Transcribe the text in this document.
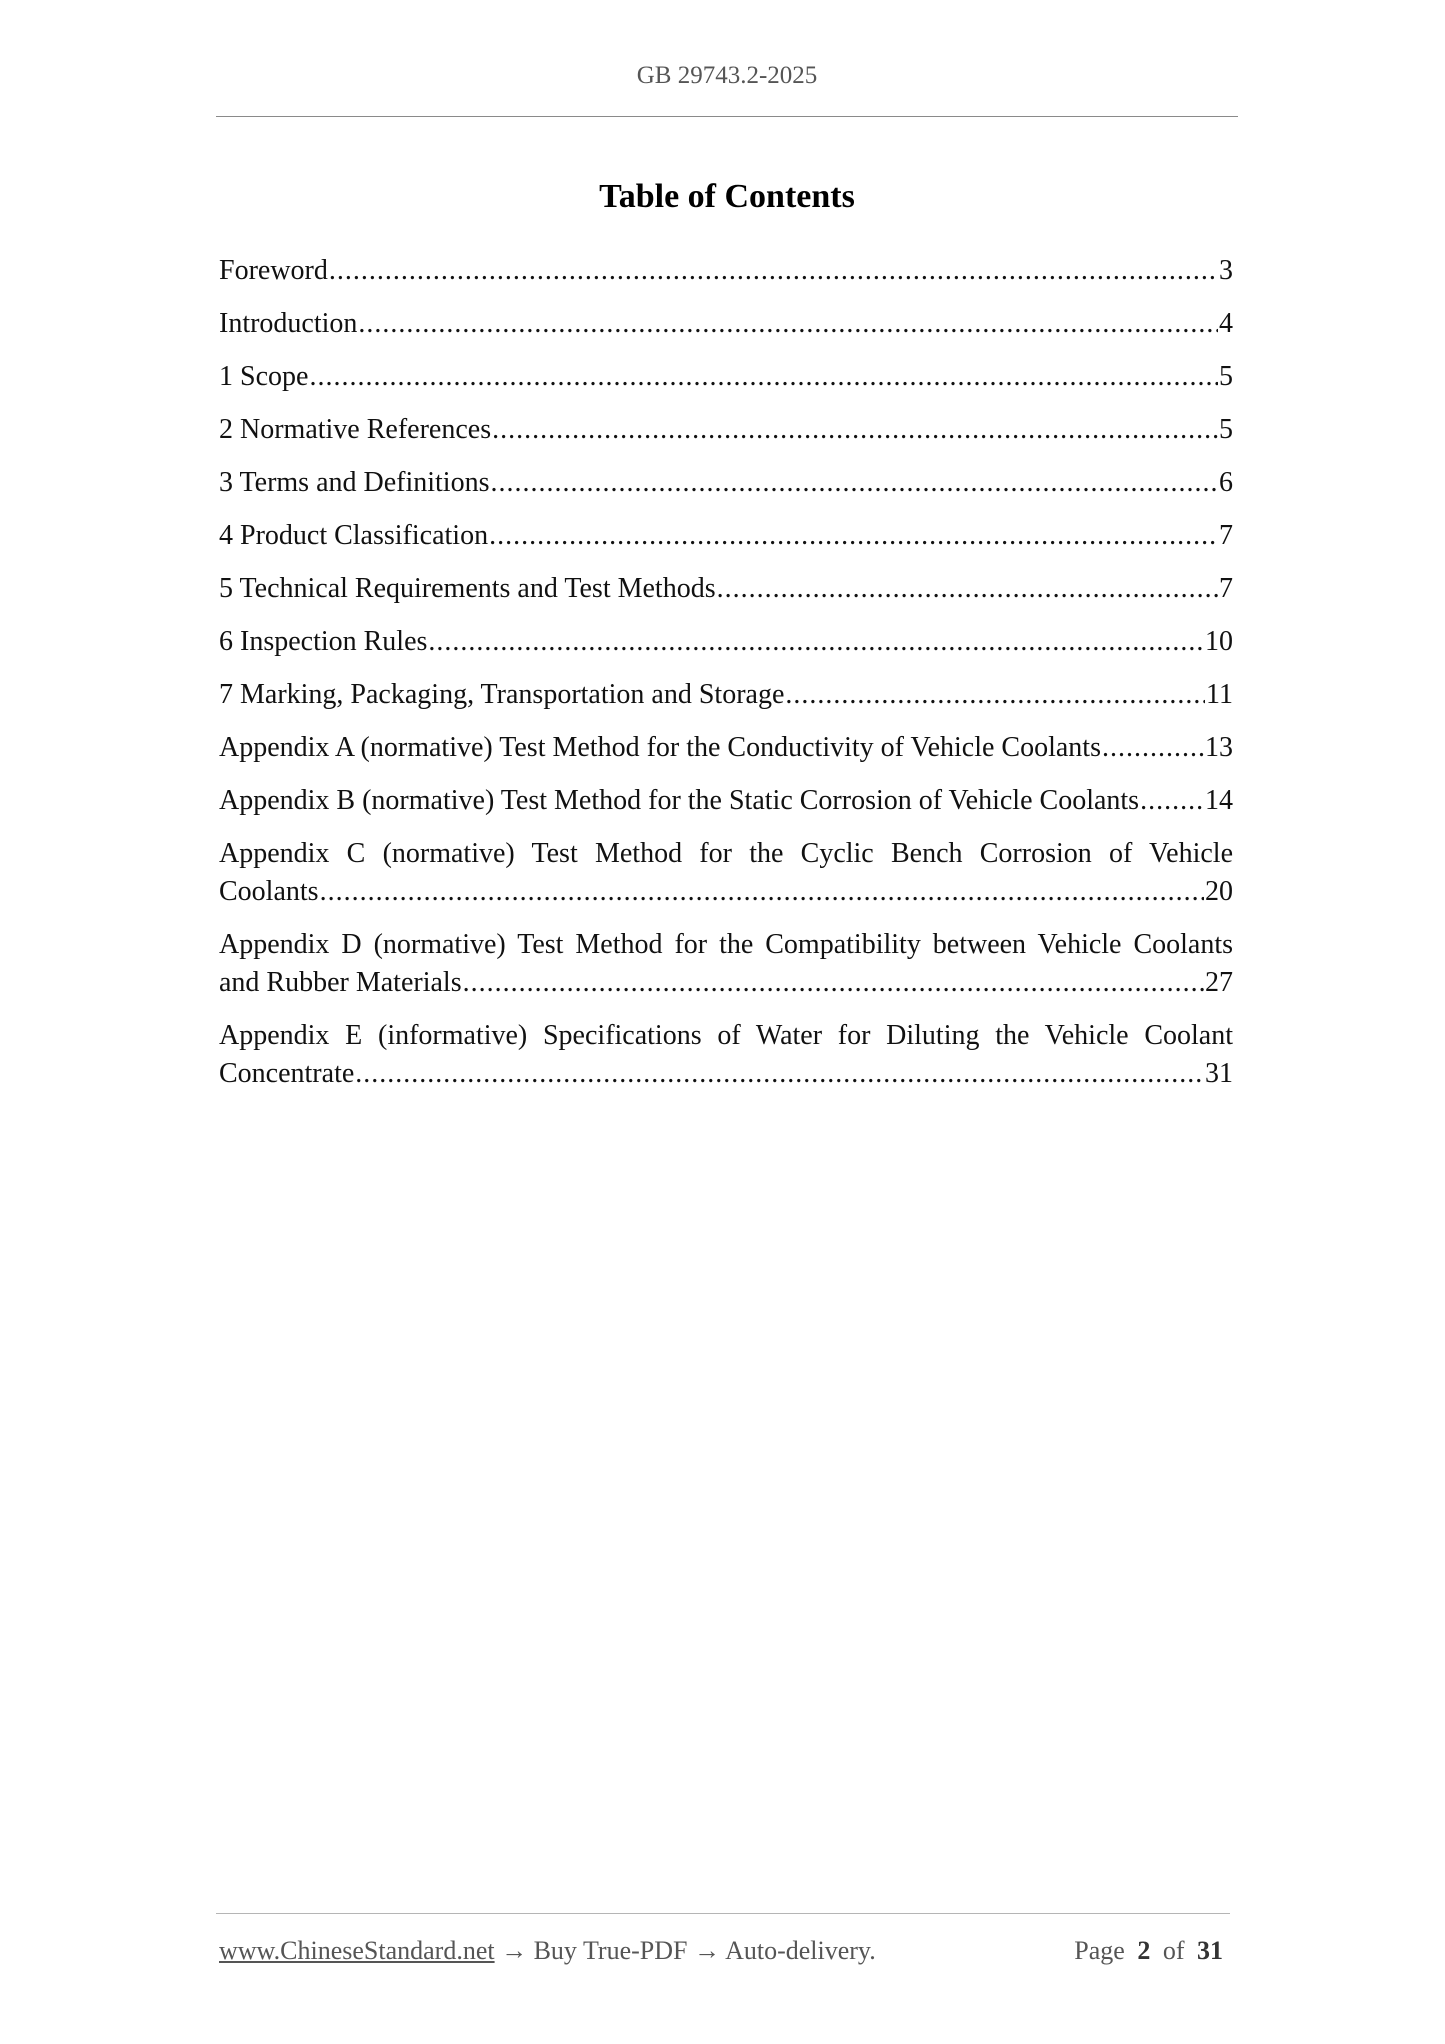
GB 29743.2-2025
Table of Contents
Foreword .....	3
Introduction .....	4
1 Scope .....	5
2 Normative References .....	5
3 Terms and Definitions .....	6
4 Product Classification .....	7
5 Technical Requirements and Test Methods .....	7
6 Inspection Rules .....	10
7 Marking, Packaging, Transportation and Storage .....	11
Appendix A (normative) Test Method for the Conductivity of Vehicle Coolants .....	13
Appendix B (normative) Test Method for the Static Corrosion of Vehicle Coolants ..... 14
Appendix C (normative) Test Method for the Cyclic Bench Corrosion of Vehicle
Coolants .....	20
Appendix D (normative) Test Method for the Compatibility between Vehicle Coolants
and Rubber Materials .....	27
Appendix E (informative) Specifications of Water for Diluting the Vehicle Coolant
Concentrate .....	31
www.ChineseStandard.net → Buy True-PDF → Auto-delivery.	Page 2 of 31
